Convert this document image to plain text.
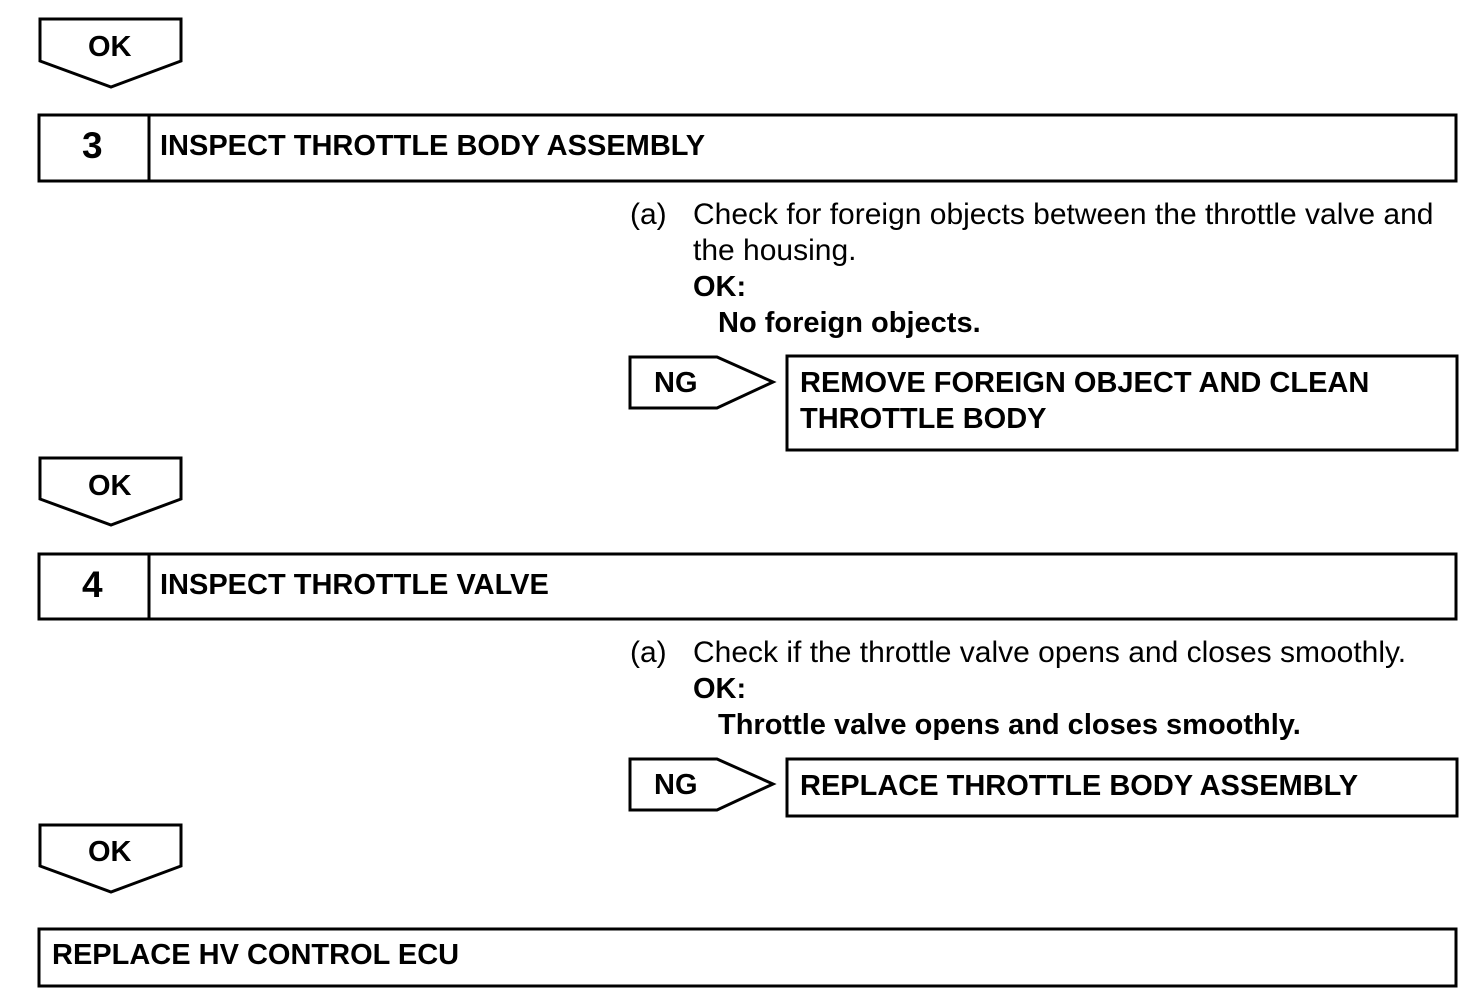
OK
3 INSPECT THROTTLE BODY ASSEMBLY
(a) Check for foreign objects between the throttle valve and
the housing.
OK:
No foreign objects.
NG	REMOVE FOREIGN OBJECT AND CLEAN
THROTTLE BODY
OK
4 INSPECT THROTTLE VALVE
(a) Check if the throttle valve opens and closes smoothly.
OK:
Throttle valve opens and closes smoothly.
NG	REPLACE THROTTLE BODY ASSEMBLY
OK
REPLACE HV CONTROL ECU
